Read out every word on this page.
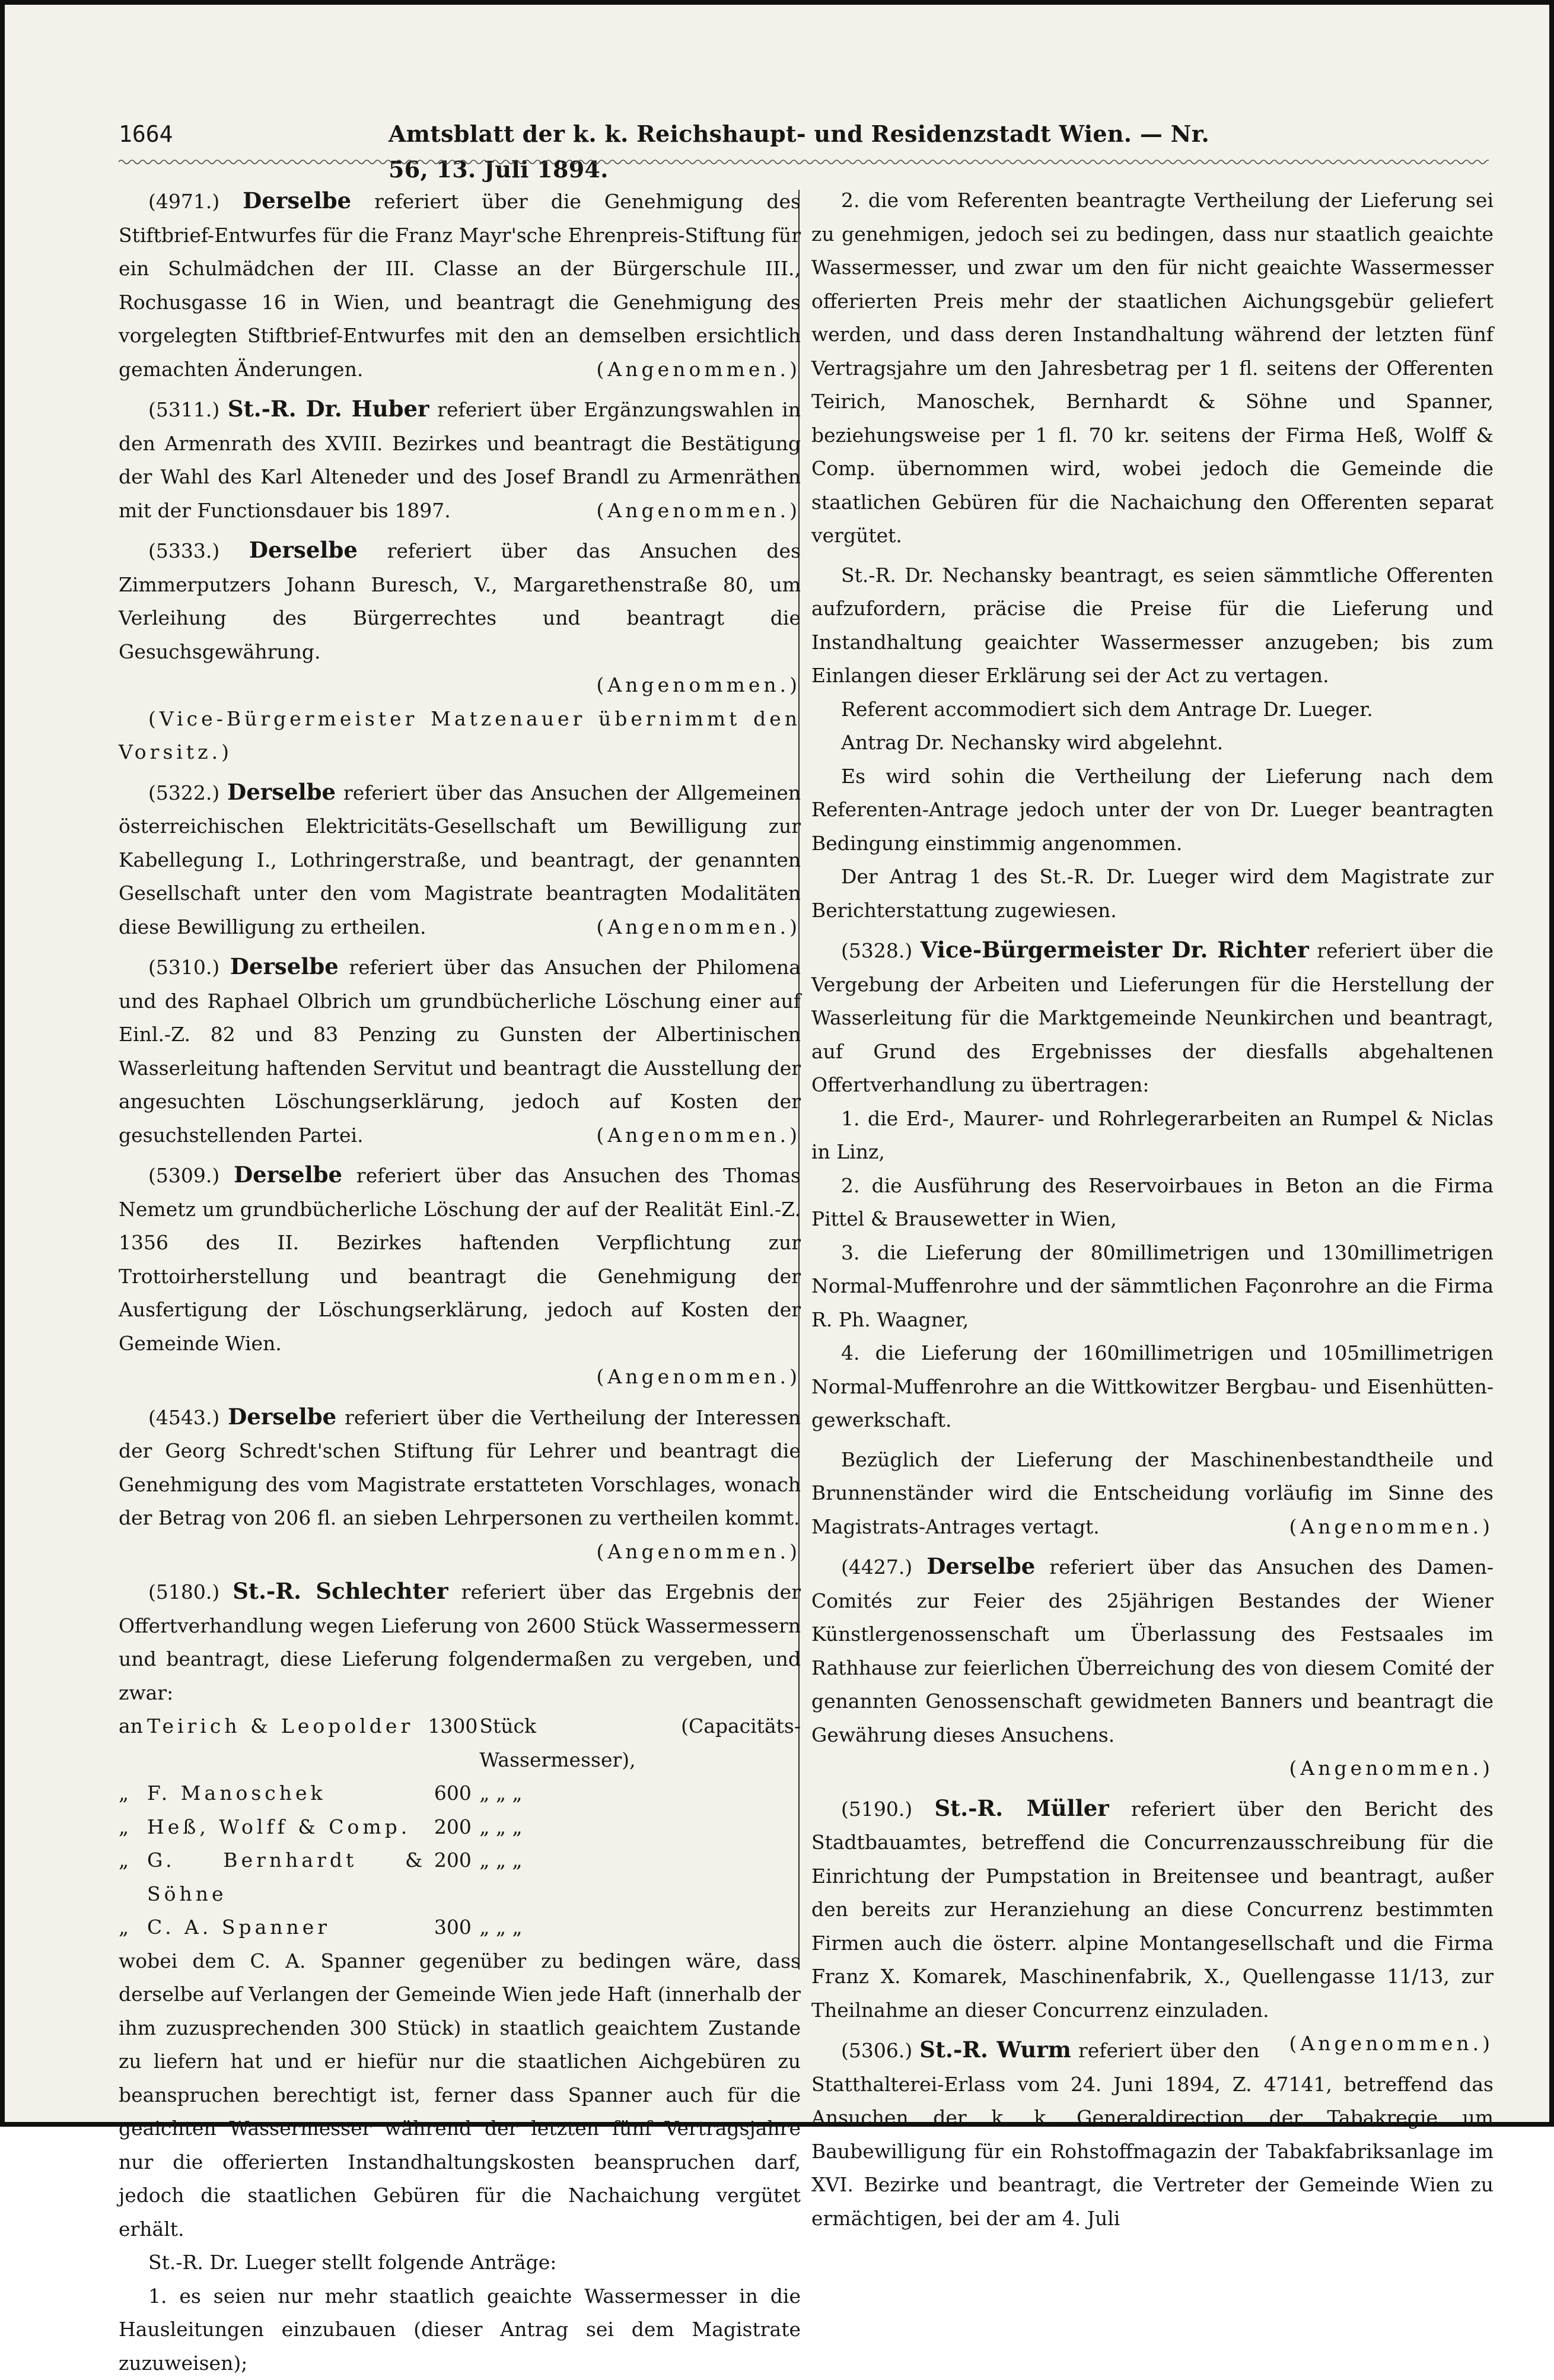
1664	Amtsblatt der k. k. Reichshaupt- und Residenzstadt Wien. — Nr. 56, 13. Juli 1894.

(4971.) Derselbe referiert über die Genehmigung des Stiftbrief-Entwurfes für die Franz Mayr'sche Ehrenpreis-Stiftung für ein Schulmädchen der III. Classe an der Bürgerschule III., Rochusgasse 16 in Wien, und beantragt die Genehmigung des vorgelegten Stiftbrief-Entwurfes mit den an demselben ersichtlich gemachten Änderungen.	(Angenommen.)

(5311.) St.-R. Dr. Huber referiert über Ergänzungswahlen in den Armenrath des XVIII. Bezirkes und beantragt die Bestätigung der Wahl des Karl Alteneder und des Josef Brandl zu Armenräthen mit der Functionsdauer bis 1897.	(Angenommen.)

(5333.) Derselbe referiert über das Ansuchen des Zimmerputzers Johann Buresch, V., Margarethenstraße 80, um Verleihung des Bürgerrechtes und beantragt die Gesuchsgewährung.
(Angenommen.)

(Vice-Bürgermeister Matzenauer übernimmt den Vorsitz.)

(5322.) Derselbe referiert über das Ansuchen der Allgemeinen österreichischen Elektricitäts-Gesellschaft um Bewilligung zur Kabellegung I., Lothringerstraße, und beantragt, der genannten Gesellschaft unter den vom Magistrate beantragten Modalitäten diese Bewilligung zu ertheilen.	(Angenommen.)

(5310.) Derselbe referiert über das Ansuchen der Philomena und des Raphael Olbrich um grundbücherliche Löschung einer auf Einl.-Z. 82 und 83 Penzing zu Gunsten der Albertinischen Wasserleitung haftenden Servitut und beantragt die Ausstellung der angesuchten Löschungserklärung, jedoch auf Kosten der gesuchstellenden Partei.	(Angenommen.)

(5309.) Derselbe referiert über das Ansuchen des Thomas Nemetz um grundbücherliche Löschung der auf der Realität Einl.-Z. 1356 des II. Bezirkes haftenden Verpflichtung zur Trottoirherstellung und beantragt die Genehmigung der Ausfertigung der Löschungserklärung, jedoch auf Kosten der Gemeinde Wien.
(Angenommen.)

(4543.) Derselbe referiert über die Vertheilung der Interessen der Georg Schredt'schen Stiftung für Lehrer und beantragt die Genehmigung des vom Magistrate erstatteten Vorschlages, wonach der Betrag von 206 fl. an sieben Lehrpersonen zu vertheilen kommt.
(Angenommen.)

(5180.) St.-R. Schlechter referiert über das Ergebnis der Offertverhandlung wegen Lieferung von 2600 Stück Wassermessern und beantragt, diese Lieferung folgendermaßen zu vergeben, und zwar:

an	Teirich & Leopolder	1300	Stück (Capacitäts-Wassermesser),
„	F. Manoschek	600	„ „ „
„	Heß, Wolff & Comp.	200	„ „ „
„	G. Bernhardt & Söhne	200	„ „ „
„	C. A. Spanner	300	„ „ „

wobei dem C. A. Spanner gegenüber zu bedingen wäre, dass derselbe auf Verlangen der Gemeinde Wien jede Haft (innerhalb der ihm zuzusprechenden 300 Stück) in staatlich geaichtem Zustande zu liefern hat und er hiefür nur die staatlichen Aichgebüren zu beanspruchen berechtigt ist, ferner dass Spanner auch für die geaichten Wassermesser während der letzten fünf Vertragsjahre nur die offerierten Instandhaltungskosten beanspruchen darf, jedoch die staatlichen Gebüren für die Nachaichung vergütet erhält.

St.-R. Dr. Lueger stellt folgende Anträge:

1. es seien nur mehr staatlich geaichte Wassermesser in die Hausleitungen einzubauen (dieser Antrag sei dem Magistrate zuzuweisen);

2. die vom Referenten beantragte Vertheilung der Lieferung sei zu genehmigen, jedoch sei zu bedingen, dass nur staatlich geaichte Wassermesser, und zwar um den für nicht geaichte Wassermesser offerierten Preis mehr der staatlichen Aichungsgebür geliefert werden, und dass deren Instandhaltung während der letzten fünf Vertragsjahre um den Jahresbetrag per 1 fl. seitens der Offerenten Teirich, Manoschek, Bernhardt & Söhne und Spanner, beziehungsweise per 1 fl. 70 kr. seitens der Firma Heß, Wolff & Comp. übernommen wird, wobei jedoch die Gemeinde die staatlichen Gebüren für die Nachaichung den Offerenten separat vergütet.

St.-R. Dr. Nechansky beantragt, es seien sämmtliche Offerenten aufzufordern, präcise die Preise für die Lieferung und Instandhaltung geaichter Wassermesser anzugeben; bis zum Einlangen dieser Erklärung sei der Act zu vertagen.

Referent accommodiert sich dem Antrage Dr. Lueger.

Antrag Dr. Nechansky wird abgelehnt.

Es wird sohin die Vertheilung der Lieferung nach dem Referenten-Antrage jedoch unter der von Dr. Lueger beantragten Bedingung einstimmig angenommen.

Der Antrag 1 des St.-R. Dr. Lueger wird dem Magistrate zur Berichterstattung zugewiesen.

(5328.) Vice-Bürgermeister Dr. Richter referiert über die Vergebung der Arbeiten und Lieferungen für die Herstellung der Wasserleitung für die Marktgemeinde Neunkirchen und beantragt, auf Grund des Ergebnisses der diesfalls abgehaltenen Offertverhandlung zu übertragen:

1. die Erd-, Maurer- und Rohrlegerarbeiten an Rumpel & Niclas in Linz,

2. die Ausführung des Reservoirbaues in Beton an die Firma Pittel & Brausewetter in Wien,

3. die Lieferung der 80millimetrigen und 130millimetrigen Normal-Muffenrohre und der sämmtlichen Façonrohre an die Firma R. Ph. Waagner,

4. die Lieferung der 160millimetrigen und 105millimetrigen Normal-Muffenrohre an die Wittkowitzer Bergbau- und Eisenhütten-gewerkschaft.

Bezüglich der Lieferung der Maschinenbestandtheile und Brunnenständer wird die Entscheidung vorläufig im Sinne des Magistrats-Antrages vertagt.	(Angenommen.)

(4427.) Derselbe referiert über das Ansuchen des Damen-Comités zur Feier des 25jährigen Bestandes der Wiener Künstlergenossenschaft um Überlassung des Festsaales im Rathhause zur feierlichen Überreichung des von diesem Comité der genannten Genossenschaft gewidmeten Banners und beantragt die Gewährung dieses Ansuchens.
(Angenommen.)

(5190.) St.-R. Müller referiert über den Bericht des Stadtbauamtes, betreffend die Concurrenzausschreibung für die Einrichtung der Pumpstation in Breitensee und beantragt, außer den bereits zur Heranziehung an diese Concurrenz bestimmten Firmen auch die österr. alpine Montangesellschaft und die Firma Franz X. Komarek, Maschinenfabrik, X., Quellengasse 11/13, zur Theilnahme an dieser Concurrenz einzuladen.
(Angenommen.)

(5306.) St.-R. Wurm referiert über den Statthalterei-Erlass vom 24. Juni 1894, Z. 47141, betreffend das Ansuchen der k. k. Generaldirection der Tabakregie um Baubewilligung für ein Rohstoffmagazin der Tabakfabriksanlage im XVI. Bezirke und beantragt, die Vertreter der Gemeinde Wien zu ermächtigen, bei der am 4. Juli
